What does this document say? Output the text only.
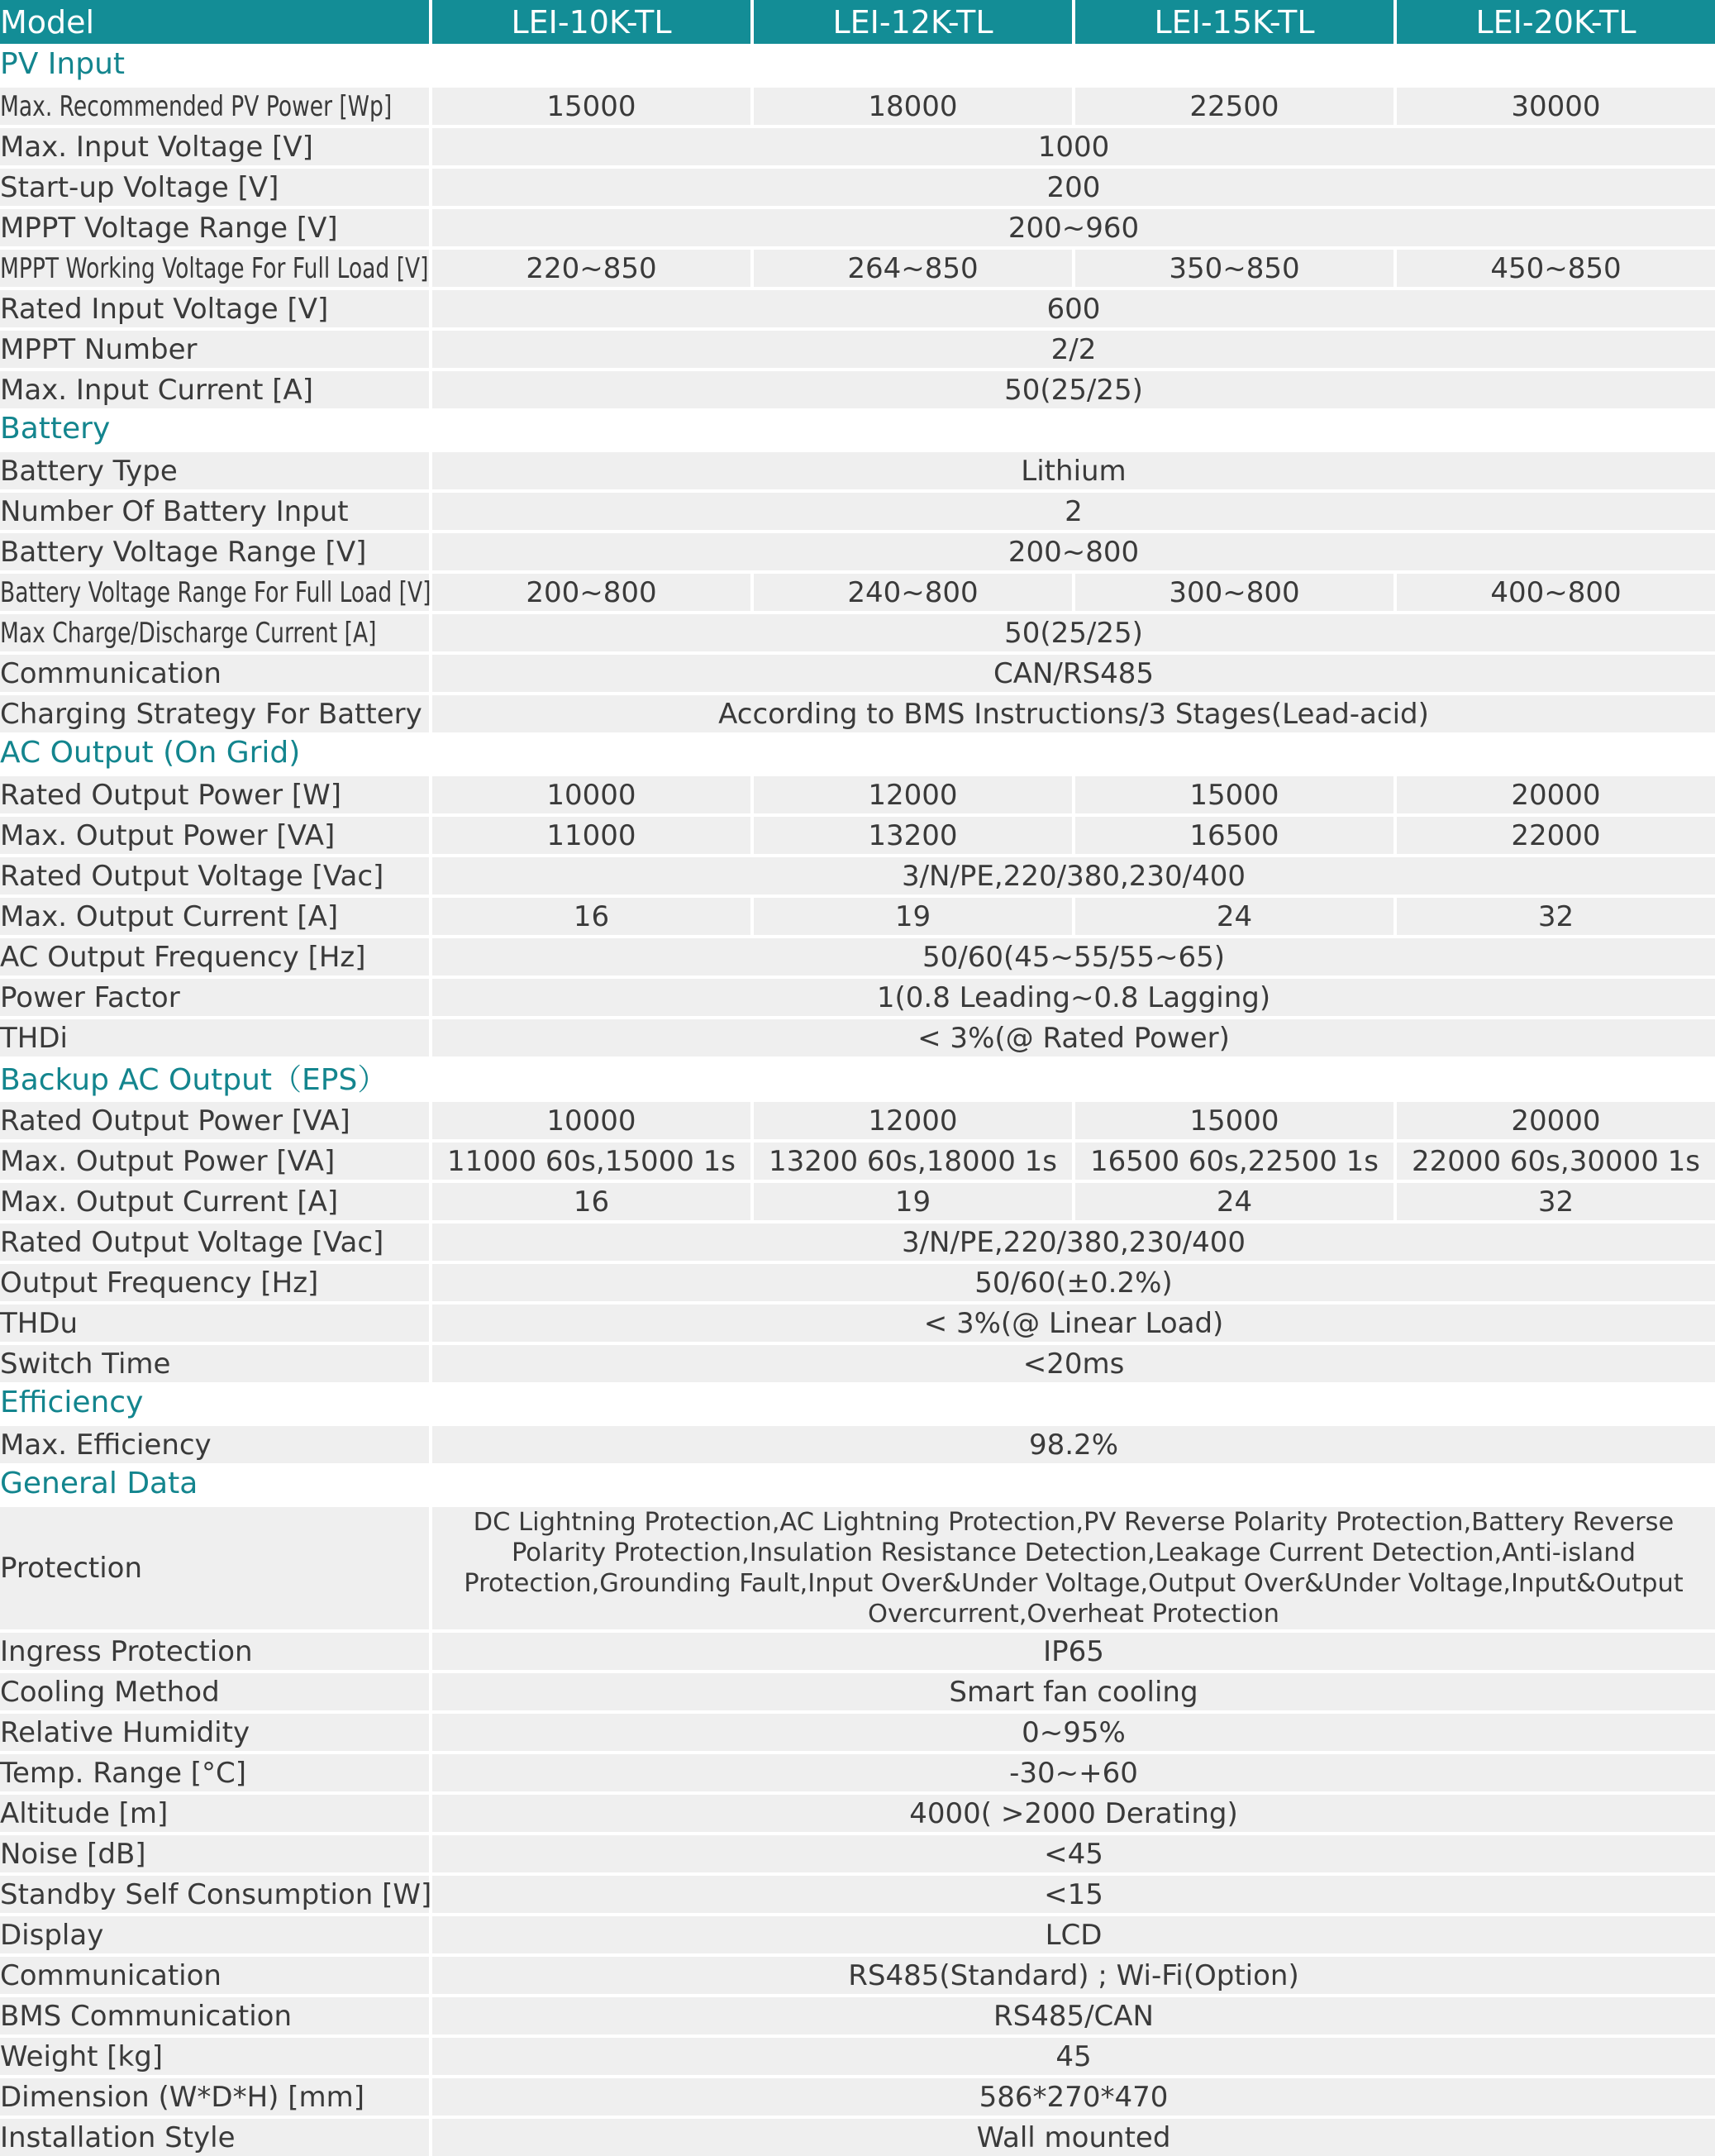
Model	LEI-10K-TL	LEI-12K-TL	LEI-15K-TL	LEI-20K-TL
PV Input				
Max. Recommended PV Power [Wp]	15000	18000	22500	30000
Max. Input Voltage [V]	1000			
Start-up Voltage [V]	200			
MPPT Voltage Range [V]	200~960			
MPPT Working Voltage For Full Load [V]	220~850	264~850	350~850	450~850
Rated Input Voltage [V]	600			
MPPT Number	2/2			
Max. Input Current [A]	50(25/25)			
Battery				
Battery Type	Lithium			
Number Of Battery Input	2			
Battery Voltage Range [V]	200~800			
Battery Voltage Range For Full Load [V]	200~800	240~800	300~800	400~800
Max Charge/Discharge Current [A]	50(25/25)			
Communication	CAN/RS485			
Charging Strategy For Battery	According to BMS Instructions/3 Stages(Lead-acid)			
AC Output (On Grid)				
Rated Output Power [W]	10000	12000	15000	20000
Max. Output Power [VA]	11000	13200	16500	22000
Rated Output Voltage [Vac]	3/N/PE,220/380,230/400			
Max. Output Current [A]	16	19	24	32
AC Output Frequency [Hz]	50/60(45~55/55~65)			
Power Factor	1(0.8 Leading~0.8 Lagging)			
THDi	< 3%(@ Rated Power)			
Backup AC Output（EPS）				
Rated Output Power [VA]	10000	12000	15000	20000
Max. Output Power [VA]	11000 60s,15000 1s	13200 60s,18000 1s	16500 60s,22500 1s	22000 60s,30000 1s
Max. Output Current [A]	16	19	24	32
Rated Output Voltage [Vac]	3/N/PE,220/380,230/400			
Output Frequency [Hz]	50/60(±0.2%)			
THDu	< 3%(@ Linear Load)			
Switch Time	<20ms			
Efficiency				
Max. Efficiency	98.2%			
General Data				
Protection	DC Lightning Protection,AC Lightning Protection,PV Reverse Polarity Protection,Battery Reverse Polarity Protection,Insulation Resistance Detection,Leakage Current Detection,Anti-island Protection,Grounding Fault,Input Over&Under Voltage,Output Over&Under Voltage,Input&Output Overcurrent,Overheat Protection			
Ingress Protection	IP65			
Cooling Method	Smart fan cooling			
Relative Humidity	0~95%			
Temp. Range [°C]	-30~+60			
Altitude [m]	4000( >2000 Derating)			
Noise [dB]	<45			
Standby Self Consumption [W]	<15			
Display	LCD			
Communication	RS485(Standard) ; Wi-Fi(Option)			
BMS Communication	RS485/CAN			
Weight [kg]	45			
Dimension (W*D*H) [mm]	586*270*470			
Installation Style	Wall mounted			
